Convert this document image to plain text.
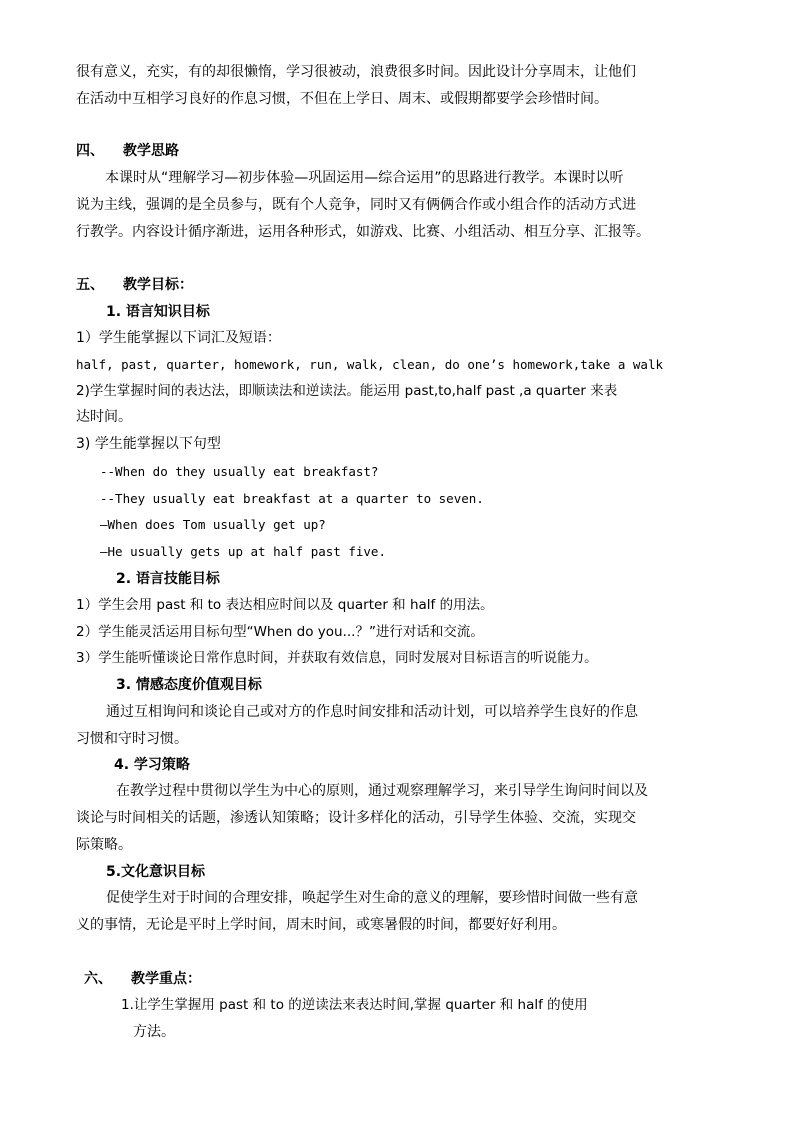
很有意义，充实，有的却很懒惰，学习很被动，浪费很多时间。因此设计分享周末，让他们
在活动中互相学习良好的作息习惯，不但在上学日、周末、或假期都要学会珍惜时间。
四、 教学思路
本课时从“理解学习—初步体验—巩固运用—综合运用”的思路进行教学。本课时以听
说为主线，强调的是全员参与，既有个人竞争，同时又有俩俩合作或小组合作的活动方式进
行教学。内容设计循序渐进，运用各种形式，如游戏、比赛、小组活动、相互分享、汇报等。
五、 教学目标：
1. 语言知识目标
1）学生能掌握以下词汇及短语：
half, past, quarter, homework, run, walk, clean, do one’s homework,take a walk
2)学生掌握时间的表达法，即顺读法和逆读法。能运用 past,to,half past ,a quarter 来表
达时间。
3) 学生能掌握以下句型
--When do they usually eat breakfast?
--They usually eat breakfast at a quarter to seven.
—When does Tom usually get up?
—He usually gets up at half past five.
2. 语言技能目标
1）学生会用 past 和 to 表达相应时间以及 quarter 和 half 的用法。
2）学生能灵活运用目标句型“When do you...？”进行对话和交流。
3）学生能听懂谈论日常作息时间，并获取有效信息，同时发展对目标语言的听说能力。
3. 情感态度价值观目标
通过互相询问和谈论自己或对方的作息时间安排和活动计划，可以培养学生良好的作息
习惯和守时习惯。
4. 学习策略
在教学过程中贯彻以学生为中心的原则，通过观察理解学习，来引导学生询问时间以及
谈论与时间相关的话题，渗透认知策略；设计多样化的活动，引导学生体验、交流，实现交
际策略。
5.文化意识目标
促使学生对于时间的合理安排，唤起学生对生命的意义的理解，要珍惜时间做一些有意
义的事情，无论是平时上学时间，周末时间，或寒暑假的时间，都要好好利用。
六、 教学重点：
1.让学生掌握用 past 和 to 的逆读法来表达时间,掌握 quarter 和 half 的使用
方法。
